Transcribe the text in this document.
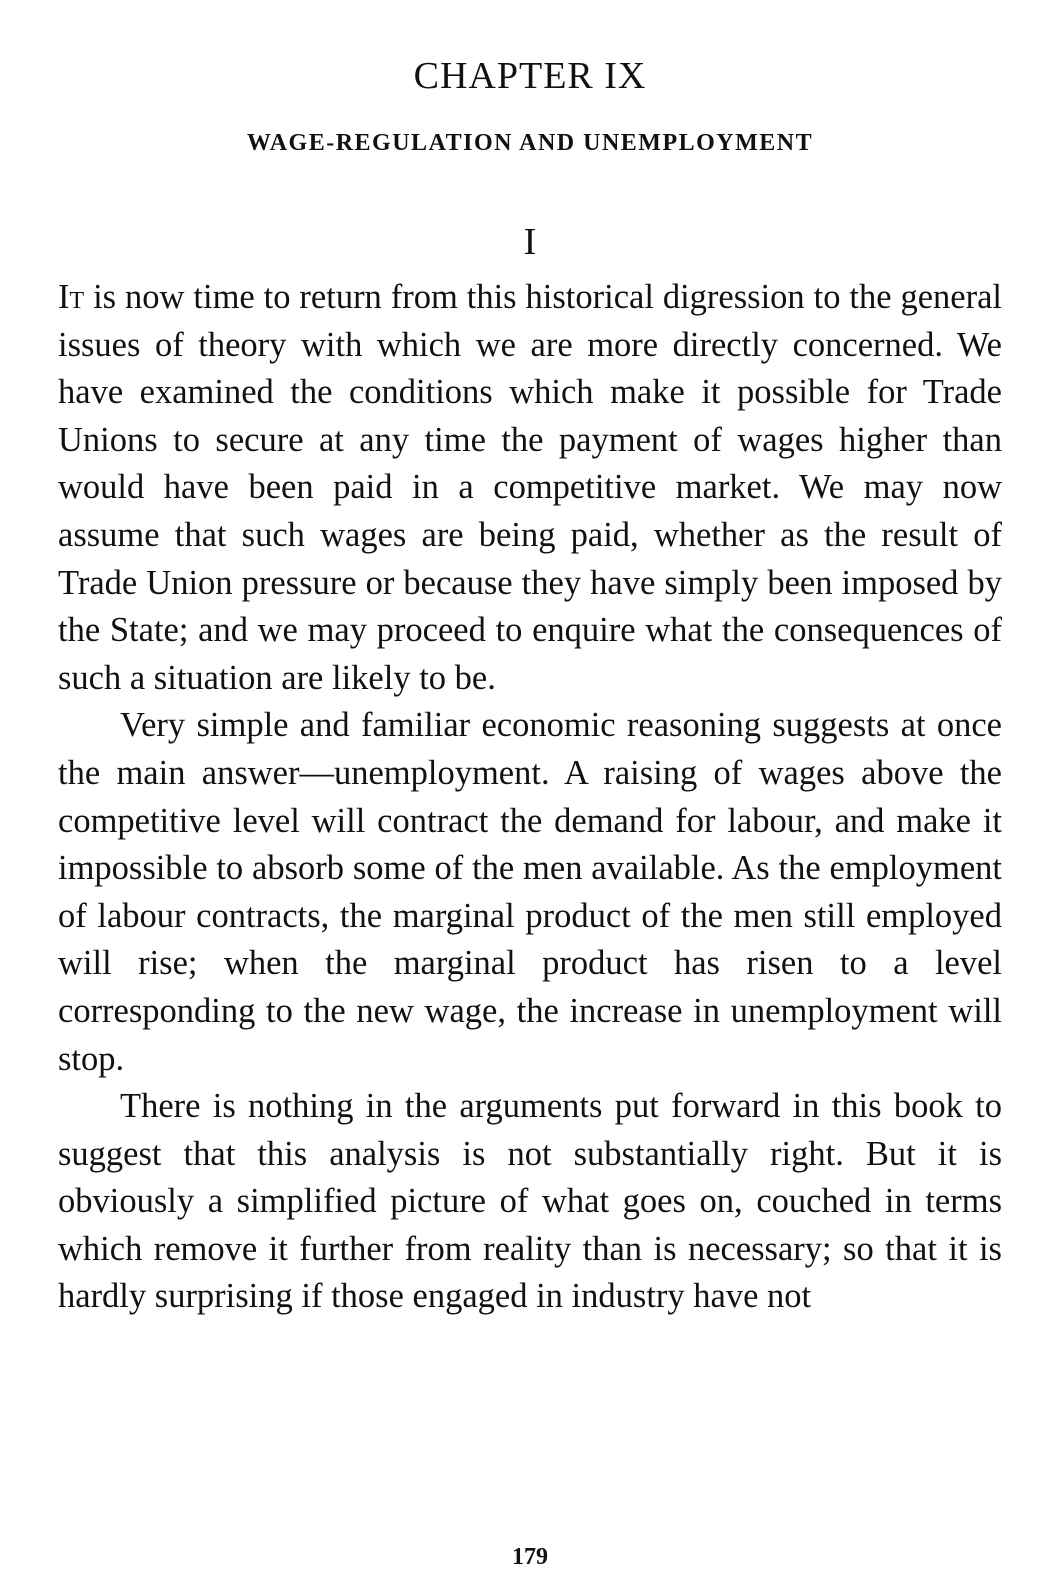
CHAPTER IX
WAGE-REGULATION AND UNEMPLOYMENT
I

It is now time to return from this historical digression to the general issues of theory with which we are more directly concerned. We have examined the conditions which make it possible for Trade Unions to secure at any time the payment of wages higher than would have been paid in a competitive market. We may now assume that such wages are being paid, whether as the result of Trade Union pressure or because they have simply been imposed by the State; and we may proceed to enquire what the consequences of such a situation are likely to be.

Very simple and familiar economic reasoning suggests at once the main answer—unemployment. A raising of wages above the competitive level will contract the demand for labour, and make it impossible to absorb some of the men available. As the employment of labour contracts, the marginal product of the men still employed will rise; when the marginal product has risen to a level corresponding to the new wage, the increase in unemployment will stop.

There is nothing in the arguments put forward in this book to suggest that this analysis is not substantially right. But it is obviously a simplified picture of what goes on, couched in terms which remove it further from reality than is necessary; so that it is hardly surprising if those engaged in industry have not

179
